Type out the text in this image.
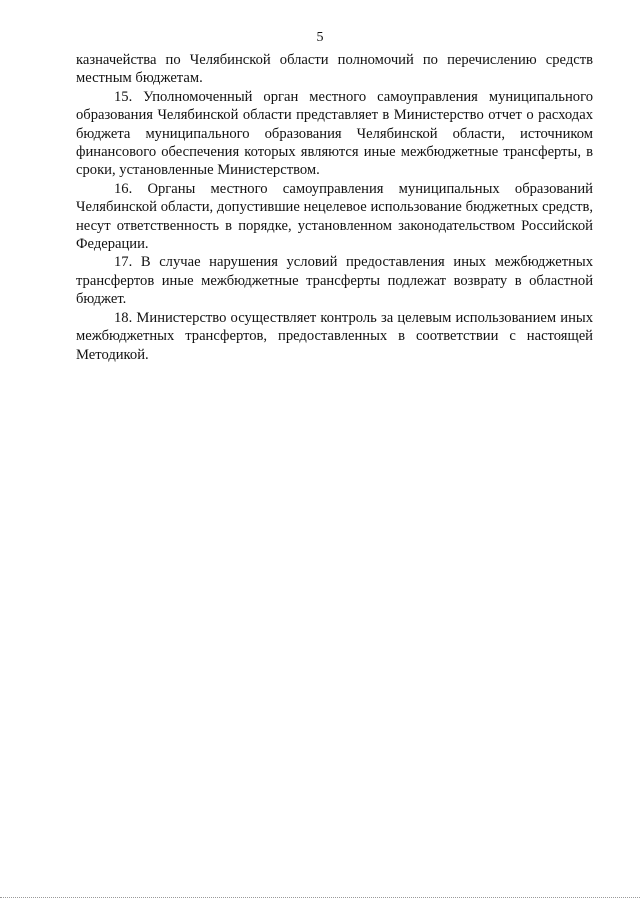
5

казначейства по Челябинской области полномочий по перечислению средств местным бюджетам.

15. Уполномоченный орган местного самоуправления муниципального образования Челябинской области представляет в Министерство отчет о расходах бюджета муниципального образования Челябинской области, источником финансового обеспечения которых являются иные межбюджетные трансферты, в сроки, установленные Министерством.

16. Органы местного самоуправления муниципальных образований Челябинской области, допустившие нецелевое использование бюджетных средств, несут ответственность в порядке, установленном законодательством Российской Федерации.

17. В случае нарушения условий предоставления иных межбюджетных трансфертов иные межбюджетные трансферты подлежат возврату в областной бюджет.

18. Министерство осуществляет контроль за целевым использованием иных межбюджетных трансфертов, предоставленных в соответствии с настоящей Методикой.
